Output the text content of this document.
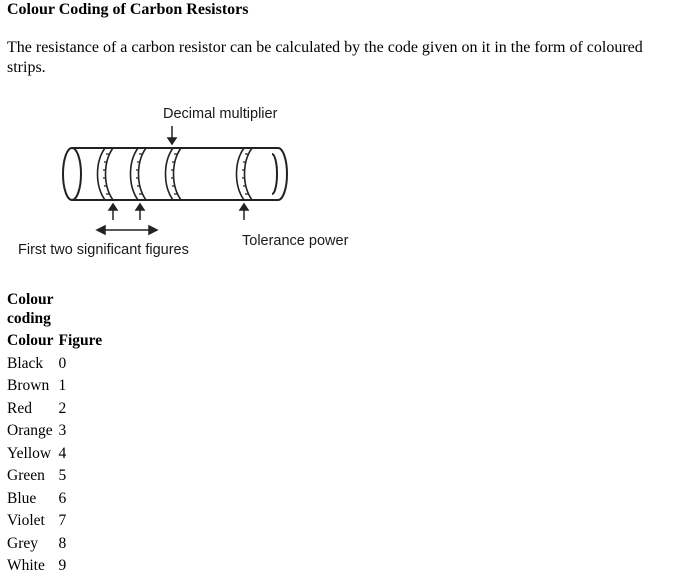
Colour Coding of Carbon Resistors

The resistance of a carbon resistor can be calculated by the code given on it in the form of coloured strips.

Decimal multiplier
First two significant figures
Tolerance power
Colour
coding
Colour	Figure
Black	0
Brown	1
Red	2
Orange	3
Yellow	4
Green	5
Blue	6
Violet	7
Grey	8
White	9
